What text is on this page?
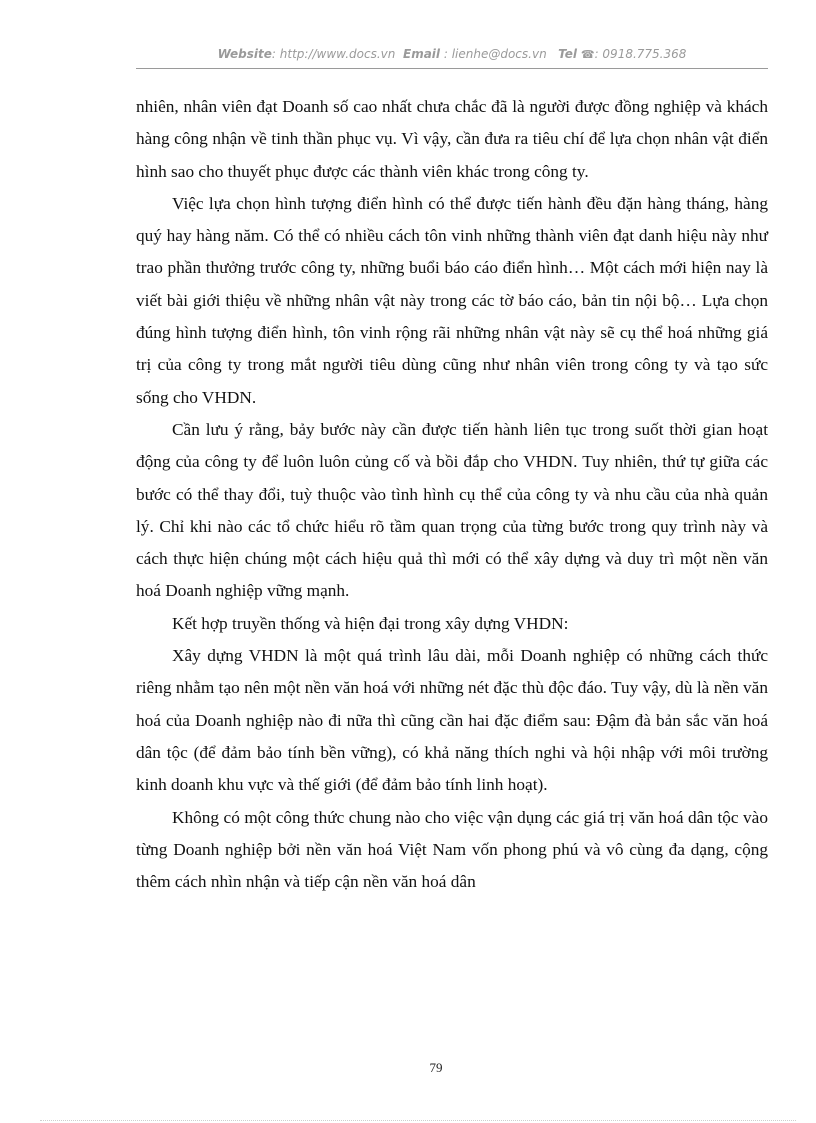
Website: http://www.docs.vn Email : lienhe@docs.vn Tel ☎: 0918.775.368

nhiên, nhân viên đạt Doanh số cao nhất chưa chắc đã là người được đồng nghiệp và khách hàng công nhận về tinh thần phục vụ. Vì vậy, cần đưa ra tiêu chí để lựa chọn nhân vật điển hình sao cho thuyết phục được các thành viên khác trong công ty.

Việc lựa chọn hình tượng điển hình có thể được tiến hành đều đặn hàng tháng, hàng quý hay hàng năm. Có thể có nhiều cách tôn vinh những thành viên đạt danh hiệu này như trao phần thưởng trước công ty, những buổi báo cáo điển hình… Một cách mới hiện nay là viết bài giới thiệu về những nhân vật này trong các tờ báo cáo, bản tin nội bộ… Lựa chọn đúng hình tượng điển hình, tôn vinh rộng rãi những nhân vật này sẽ cụ thể hoá những giá trị của công ty trong mắt người tiêu dùng cũng như nhân viên trong công ty và tạo sức sống cho VHDN.

Cần lưu ý rằng, bảy bước này cần được tiến hành liên tục trong suốt thời gian hoạt động của công ty để luôn luôn củng cố và bồi đắp cho VHDN. Tuy nhiên, thứ tự giữa các bước có thể thay đổi, tuỳ thuộc vào tình hình cụ thể của công ty và nhu cầu của nhà quản lý. Chỉ khi nào các tổ chức hiểu rõ tầm quan trọng của từng bước trong quy trình này và cách thực hiện chúng một cách hiệu quả thì mới có thể xây dựng và duy trì một nền văn hoá Doanh nghiệp vững mạnh.

Kết hợp truyền thống và hiện đại trong xây dựng VHDN:

Xây dựng VHDN là một quá trình lâu dài, mỗi Doanh nghiệp có những cách thức riêng nhằm tạo nên một nền văn hoá với những nét đặc thù độc đáo. Tuy vậy, dù là nền văn hoá của Doanh nghiệp nào đi nữa thì cũng cần hai đặc điểm sau: Đậm đà bản sắc văn hoá dân tộc (để đảm bảo tính bền vững), có khả năng thích nghi và hội nhập với môi trường kinh doanh khu vực và thế giới (để đảm bảo tính linh hoạt).

Không có một công thức chung nào cho việc vận dụng các giá trị văn hoá dân tộc vào từng Doanh nghiệp bởi nền văn hoá Việt Nam vốn phong phú và vô cùng đa dạng, cộng thêm cách nhìn nhận và tiếp cận nền văn hoá dân

79
